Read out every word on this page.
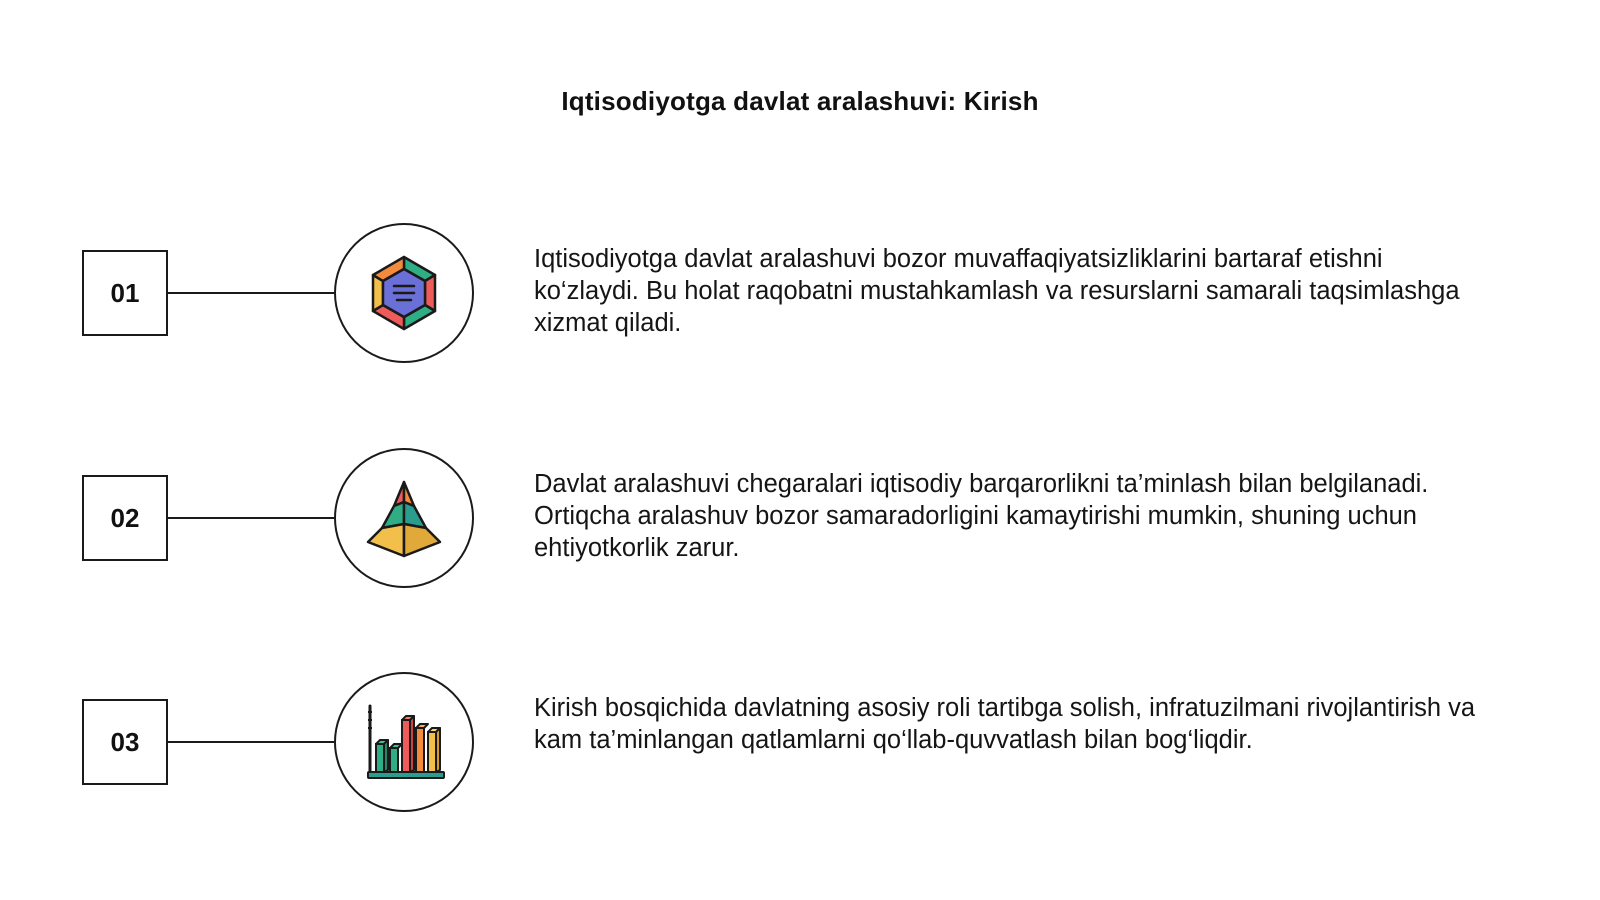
Iqtisodiyotga davlat aralashuvi: Kirish
01
Iqtisodiyotga davlat aralashuvi bozor muvaffaqiyatsizliklarini bartaraf etishni ko‘zlaydi. Bu holat raqobatni mustahkamlash va resurslarni samarali taqsimlashga xizmat qiladi.
02
Davlat aralashuvi chegaralari iqtisodiy barqarorlikni ta’minlash bilan belgilanadi. Ortiqcha aralashuv bozor samaradorligini kamaytirishi mumkin, shuning uchun ehtiyotkorlik zarur.
03
Kirish bosqichida davlatning asosiy roli tartibga solish, infratuzilmani rivojlantirish va kam ta’minlangan qatlamlarni qo‘llab-quvvatlash bilan bog‘liqdir.
